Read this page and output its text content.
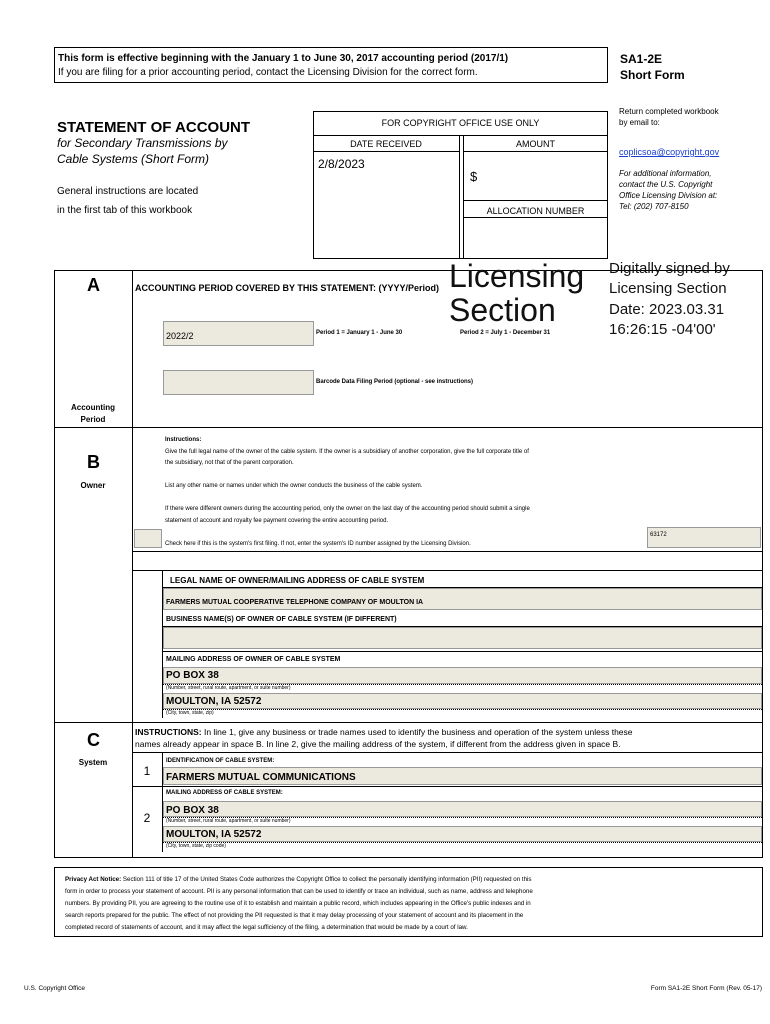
This form is effective beginning with the January 1 to June 30, 2017 accounting period (2017/1)
If you are filing for a prior accounting period, contact the Licensing Division for the correct form.
SA1-2E
Short Form
STATEMENT OF ACCOUNT
for Secondary Transmissions by
Cable Systems (Short Form)
General instructions are located
in the first tab of this workbook
FOR COPYRIGHT OFFICE USE ONLY
DATE RECEIVED	AMOUNT
2/8/2023
$
ALLOCATION NUMBER
Return completed workbook
by email to:
coplicsoa@copyright.gov
For additional information,
contact the U.S. Copyright
Office Licensing Division at:
Tel: (202) 707-8150
A
Accounting
Period
ACCOUNTING PERIOD COVERED BY THIS STATEMENT: (YYYY/Period)
2022/2	Period 1 = January 1 - June 30	Period 2 = July 1 - December 31
Barcode Data Filing Period (optional - see instructions)
Licensing
Section
Digitally signed by
Licensing Section
Date: 2023.03.31
16:26:15 -04'00'
B
Owner
Instructions:
Give the full legal name of the owner of the cable system. If the owner is a subsidiary of another corporation, give the full corporate title of
the subsidiary, not that of the parent corporation.
List any other name or names under which the owner conducts the business of the cable system.
If there were different owners during the accounting period, only the owner on the last day of the accounting period should submit a single
statement of account and royalty fee payment covering the entire accounting period.
Check here if this is the system's first filing. If not, enter the system's ID number assigned by the Licensing Division.
63172
LEGAL NAME OF OWNER/MAILING ADDRESS OF CABLE SYSTEM
FARMERS MUTUAL COOPERATIVE TELEPHONE COMPANY OF MOULTON IA
BUSINESS NAME(S) OF OWNER OF CABLE SYSTEM (IF DIFFERENT)
MAILING ADDRESS OF OWNER OF CABLE SYSTEM
PO BOX 38
(Number, street, rural route, apartment, or suite number)
MOULTON, IA 52572
(City, town, state, zip)
C
System
INSTRUCTIONS: In line 1, give any business or trade names used to identify the business and operation of the system unless these
names already appear in space B. In line 2, give the mailing address of the system, if different from the address given in space B.
1
IDENTIFICATION OF CABLE SYSTEM:
FARMERS MUTUAL COMMUNICATIONS
MAILING ADDRESS OF CABLE SYSTEM:
2
PO BOX 38
(Number, street, rural route, apartment, or suite number)
MOULTON, IA 52572
(City, town, state, zip code)
Privacy Act Notice: Section 111 of title 17 of the United States Code authorizes the Copyright Office to collect the personally identifying information (PII) requested on this
form in order to process your statement of account. PII is any personal information that can be used to identify or trace an individual, such as name, address and telephone
numbers. By providing PII, you are agreeing to the routine use of it to establish and maintain a public record, which includes appearing in the Office's public indexes and in
search reports prepared for the public. The effect of not providing the PII requested is that it may delay processing of your statement of account and its placement in the
completed record of statements of account, and it may affect the legal sufficiency of the filing, a determination that would be made by a court of law.
U.S. Copyright Office	Form SA1-2E Short Form (Rev. 05-17)
